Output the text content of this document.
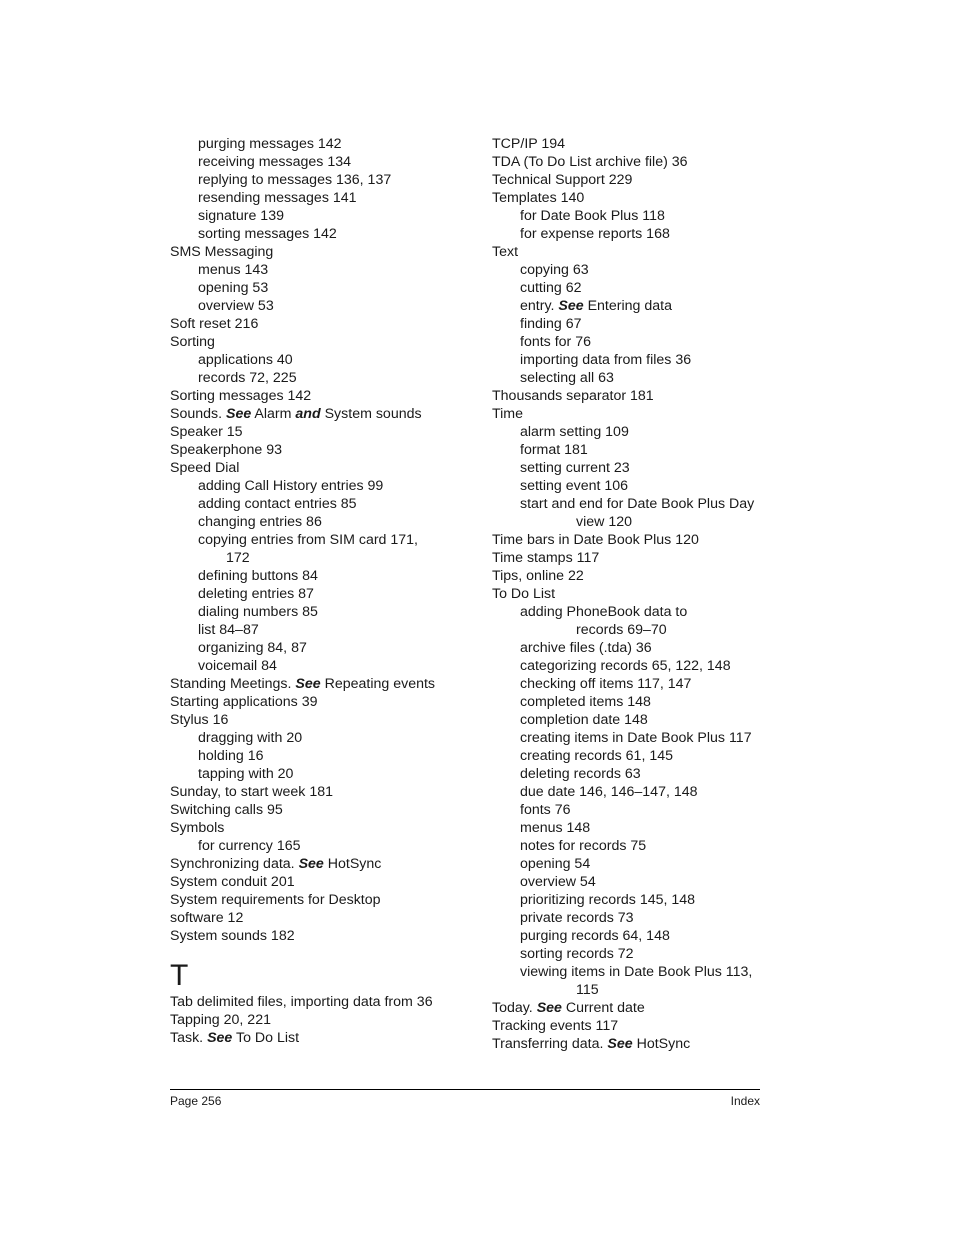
purging messages 142
receiving messages 134
replying to messages 136, 137
resending messages 141
signature 139
sorting messages 142
SMS Messaging
menus 143
opening 53
overview 53
Soft reset 216
Sorting
applications 40
records 72, 225
Sorting messages 142
Sounds. See Alarm and System sounds
Speaker 15
Speakerphone 93
Speed Dial
adding Call History entries 99
adding contact entries 85
changing entries 86
copying entries from SIM card 171,
172
defining buttons 84
deleting entries 87
dialing numbers 85
list 84–87
organizing 84, 87
voicemail 84
Standing Meetings. See Repeating events
Starting applications 39
Stylus 16
dragging with 20
holding 16
tapping with 20
Sunday, to start week 181
Switching calls 95
Symbols
for currency 165
Synchronizing data. See HotSync
System conduit 201
System requirements for Desktop
software 12
System sounds 182
T
Tab delimited files, importing data from 36
Tapping 20, 221
Task. See To Do List
TCP/IP 194
TDA (To Do List archive file) 36
Technical Support 229
Templates 140
for Date Book Plus 118
for expense reports 168
Text
copying 63
cutting 62
entry. See Entering data
finding 67
fonts for 76
importing data from files 36
selecting all 63
Thousands separator 181
Time
alarm setting 109
format 181
setting current 23
setting event 106
start and end for Date Book Plus Day
view 120
Time bars in Date Book Plus 120
Time stamps 117
Tips, online 22
To Do List
adding PhoneBook data to
records 69–70
archive files (.tda) 36
categorizing records 65, 122, 148
checking off items 117, 147
completed items 148
completion date 148
creating items in Date Book Plus 117
creating records 61, 145
deleting records 63
due date 146, 146–147, 148
fonts 76
menus 148
notes for records 75
opening 54
overview 54
prioritizing records 145, 148
private records 73
purging records 64, 148
sorting records 72
viewing items in Date Book Plus 113,
115
Today. See Current date
Tracking events 117
Transferring data. See HotSync
Page 256	Index
